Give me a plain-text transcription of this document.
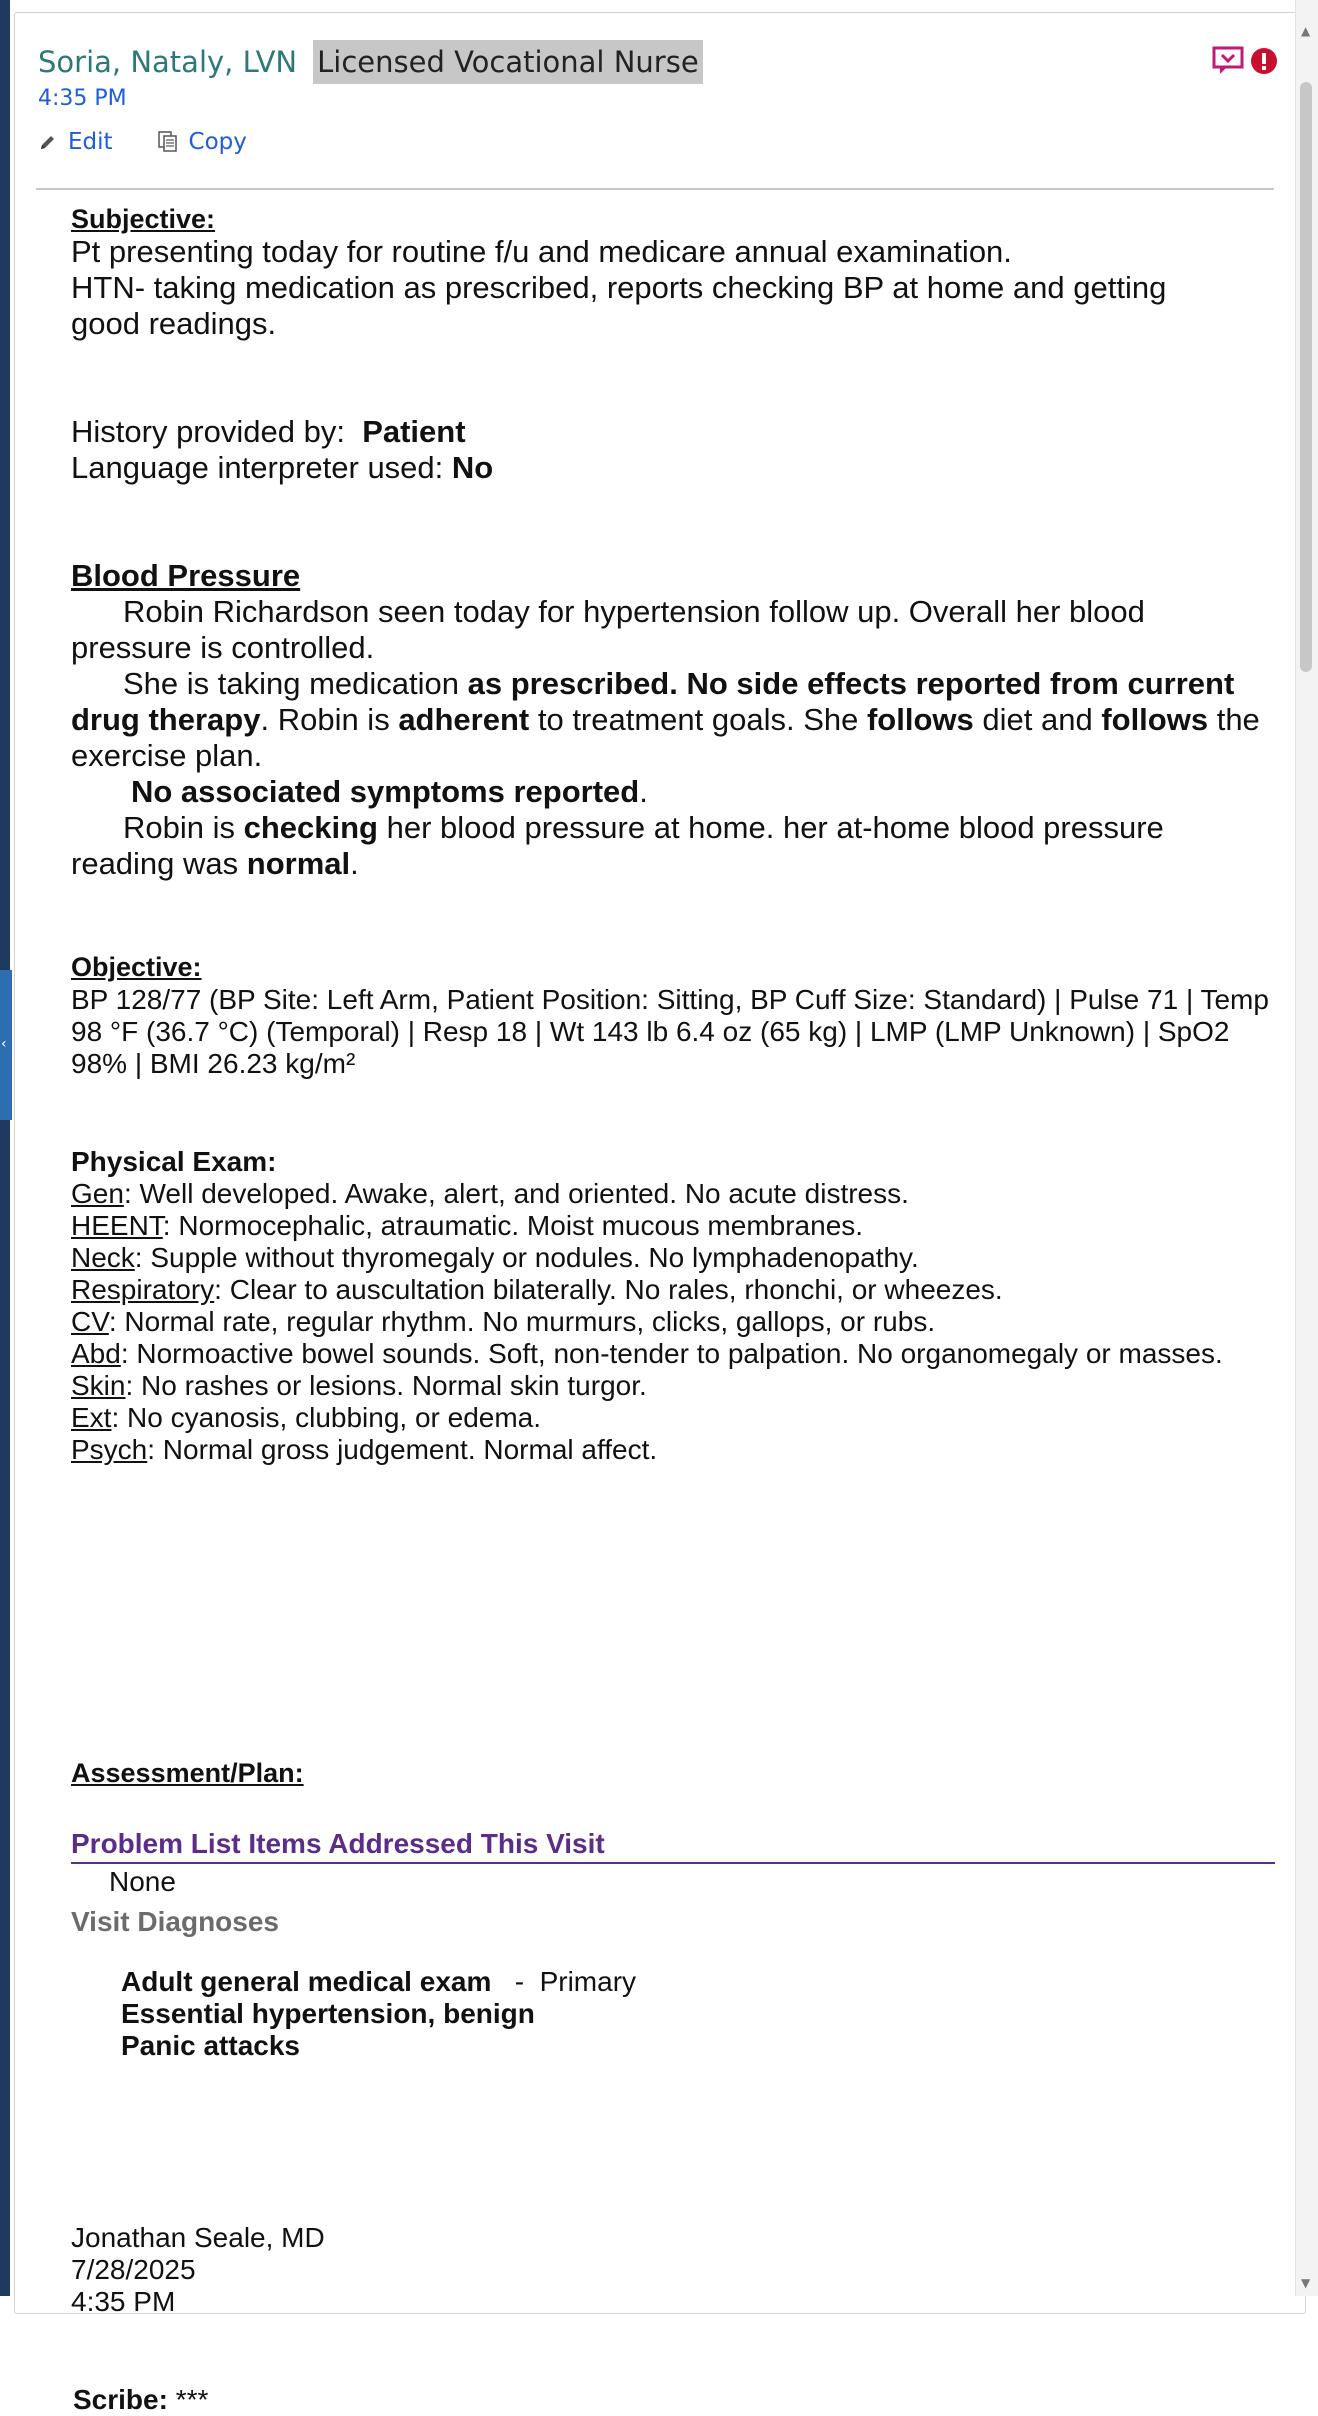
‹
▲
▼
Soria, Nataly, LVN Licensed Vocational Nurse
4:35 PM
Edit	Copy
Subjective:
Pt presenting today for routine f/u and medicare annual examination.
HTN- taking medication as prescribed, reports checking BP at home and getting good readings.
History provided by: Patient
Language interpreter used: No
Blood Pressure
Robin Richardson seen today for hypertension follow up. Overall her blood pressure is controlled.
She is taking medication as prescribed. No side effects reported from current drug therapy. Robin is adherent to treatment goals. She follows diet and follows the exercise plan.
No associated symptoms reported.
Robin is checking her blood pressure at home. her at-home blood pressure reading was normal.
Objective:
BP 128/77 (BP Site: Left Arm, Patient Position: Sitting, BP Cuff Size: Standard) | Pulse 71 | Temp 98 °F (36.7 °C) (Temporal) | Resp 18 | Wt 143 lb 6.4 oz (65 kg) | LMP (LMP Unknown) | SpO2 98% | BMI 26.23 kg/m²
Physical Exam:
Gen: Well developed. Awake, alert, and oriented. No acute distress.
HEENT: Normocephalic, atraumatic. Moist mucous membranes.
Neck: Supple without thyromegaly or nodules. No lymphadenopathy.
Respiratory: Clear to auscultation bilaterally. No rales, rhonchi, or wheezes.
CV: Normal rate, regular rhythm. No murmurs, clicks, gallops, or rubs.
Abd: Normoactive bowel sounds. Soft, non-tender to palpation. No organomegaly or masses.
Skin: No rashes or lesions. Normal skin turgor.
Ext: No cyanosis, clubbing, or edema.
Psych: Normal gross judgement. Normal affect.
Assessment/Plan:
Problem List Items Addressed This Visit
None
Visit Diagnoses
Adult general medical exam   -  Primary
Essential hypertension, benign
Panic attacks
Jonathan Seale, MD
7/28/2025
4:35 PM
Scribe: ***
